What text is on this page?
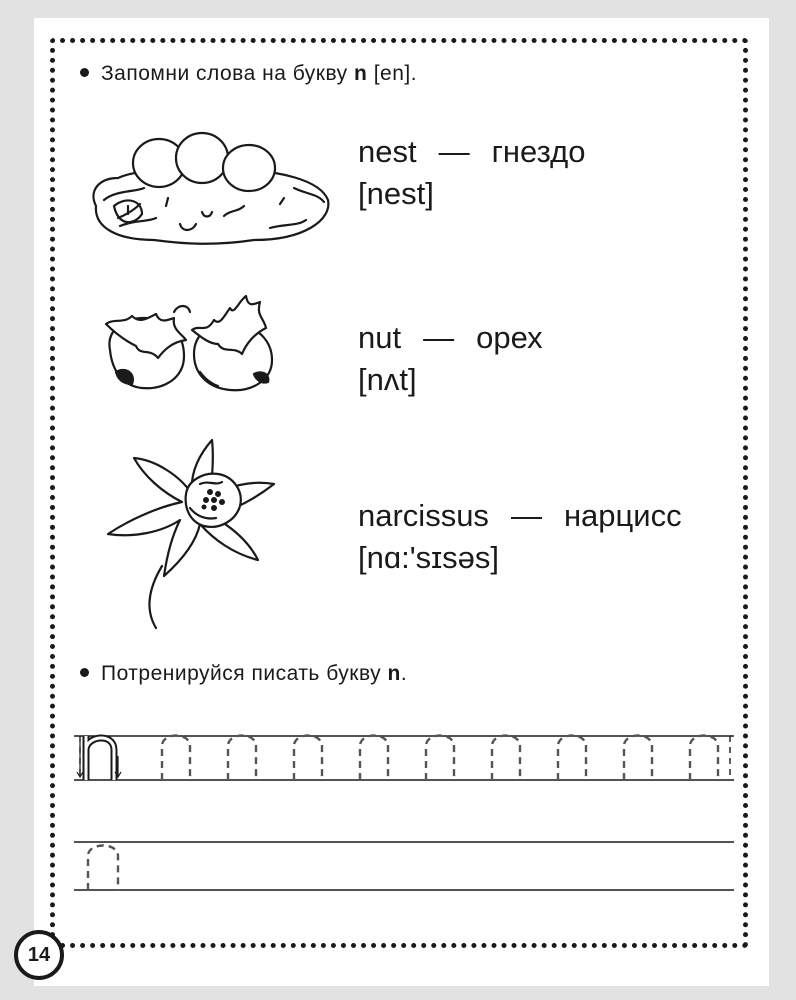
Запомни слова на букву n [en].
nest — гнездо
[nest]
nut — орех
[nʌt]
narcissus — нарцисс
[nɑ:'sɪsəs]
Потренируйся писать букву n.
14
